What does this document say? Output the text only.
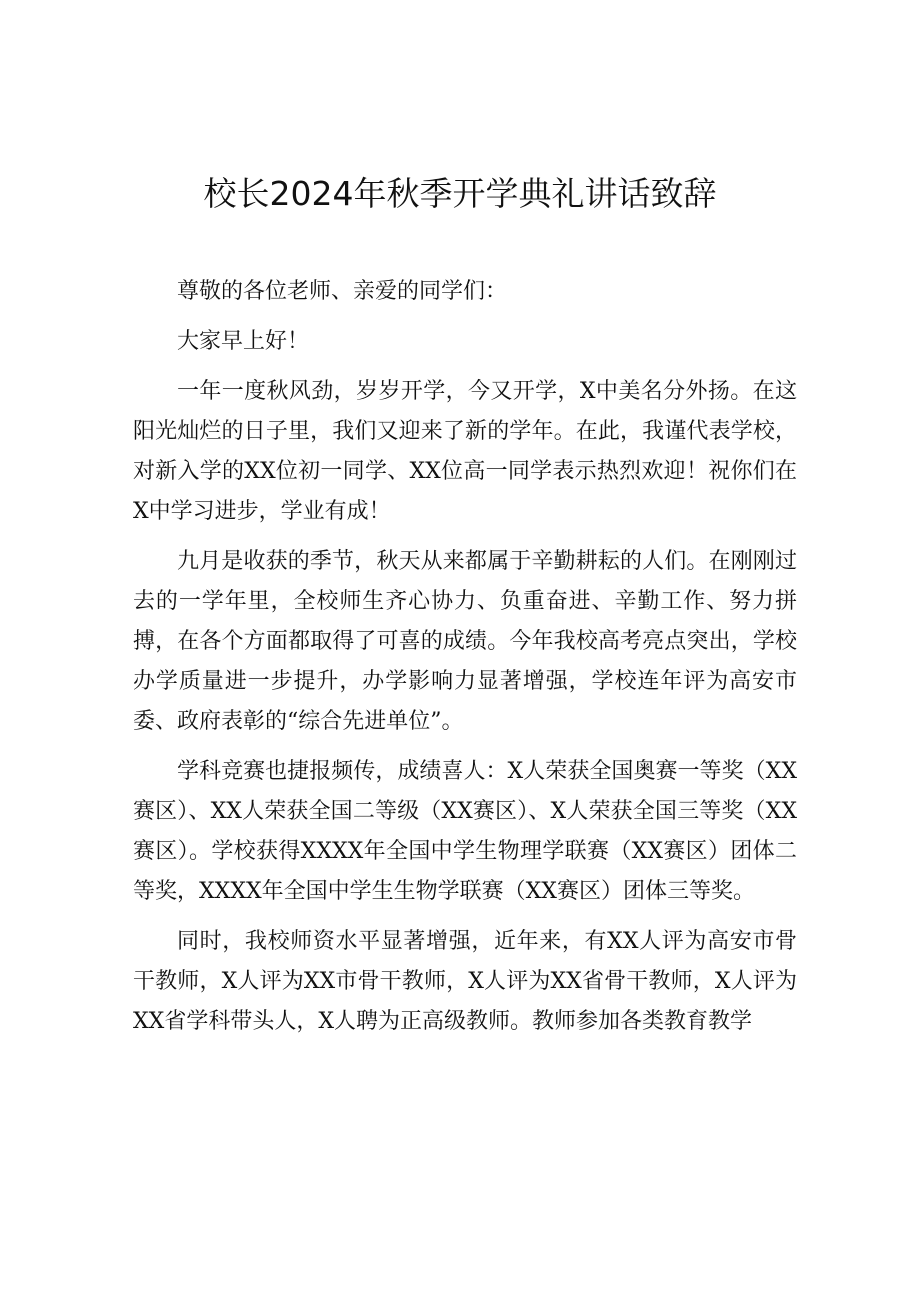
校长2024年秋季开学典礼讲话致辞

尊敬的各位老师、亲爱的同学们：

大家早上好！

一年一度秋风劲，岁岁开学，今又开学，X中美名分外扬。在这阳光灿烂的日子里，我们又迎来了新的学年。在此，我谨代表学校，对新入学的XX位初一同学、XX位高一同学表示热烈欢迎！祝你们在X中学习进步，学业有成！

九月是收获的季节，秋天从来都属于辛勤耕耘的人们。在刚刚过去的一学年里，全校师生齐心协力、负重奋进、辛勤工作、努力拼搏，在各个方面都取得了可喜的成绩。今年我校高考亮点突出，学校办学质量进一步提升，办学影响力显著增强，学校连年评为高安市委、政府表彰的“综合先进单位”。

学科竞赛也捷报频传，成绩喜人：X人荣获全国奥赛一等奖（XX赛区）、XX人荣获全国二等级（XX赛区）、X人荣获全国三等奖（XX赛区）。学校获得XXXX年全国中学生物理学联赛（XX赛区）团体二等奖，XXXX年全国中学生生物学联赛（XX赛区）团体三等奖。

同时，我校师资水平显著增强，近年来，有XX人评为高安市骨干教师，X人评为XX市骨干教师，X人评为XX省骨干教师，X人评为XX省学科带头人，X人聘为正高级教师。教师参加各类教育教学
